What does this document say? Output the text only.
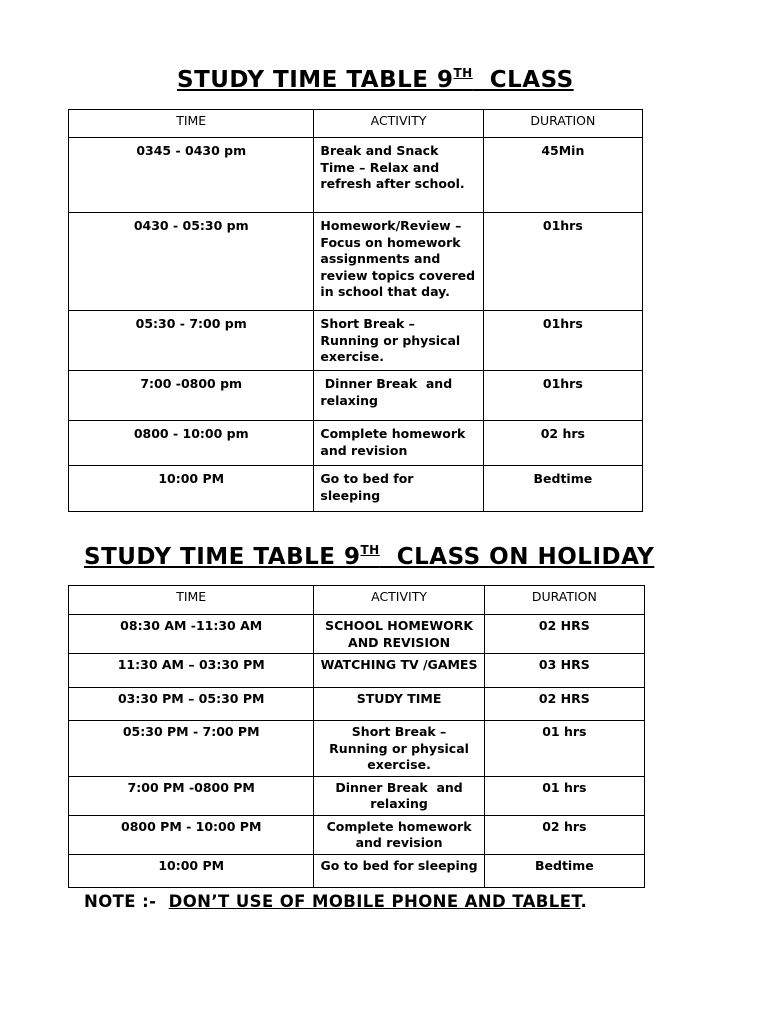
STUDY TIME TABLE 9TH  CLASS
TIME	ACTIVITY	DURATION
0345 - 0430 pm	Break and Snack Time – Relax and refresh after school.	45Min
0430 - 05:30 pm	Homework/Review – Focus on homework assignments and review topics covered in school that day.	01hrs
05:30 - 7:00 pm	Short Break – Running or physical exercise.	01hrs
7:00 -0800 pm	Dinner Break  and relaxing	01hrs
0800 - 10:00 pm	Complete homework and revision	02 hrs
10:00 PM	Go to bed for sleeping	Bedtime
STUDY TIME TABLE 9TH  CLASS ON HOLIDAY
TIME	ACTIVITY	DURATION
08:30 AM -11:30 AM	SCHOOL HOMEWORK AND REVISION	02 HRS
11:30 AM – 03:30 PM	WATCHING TV /GAMES	03 HRS
03:30 PM – 05:30 PM	STUDY TIME	02 HRS
05:30 PM - 7:00 PM	Short Break – Running or physical exercise.	01 hrs
7:00 PM -0800 PM	Dinner Break  and relaxing	01 hrs
0800 PM - 10:00 PM	Complete homework and revision	02 hrs
10:00 PM	Go to bed for sleeping	Bedtime

NOTE :-  DON’T USE OF MOBILE PHONE AND TABLET.
